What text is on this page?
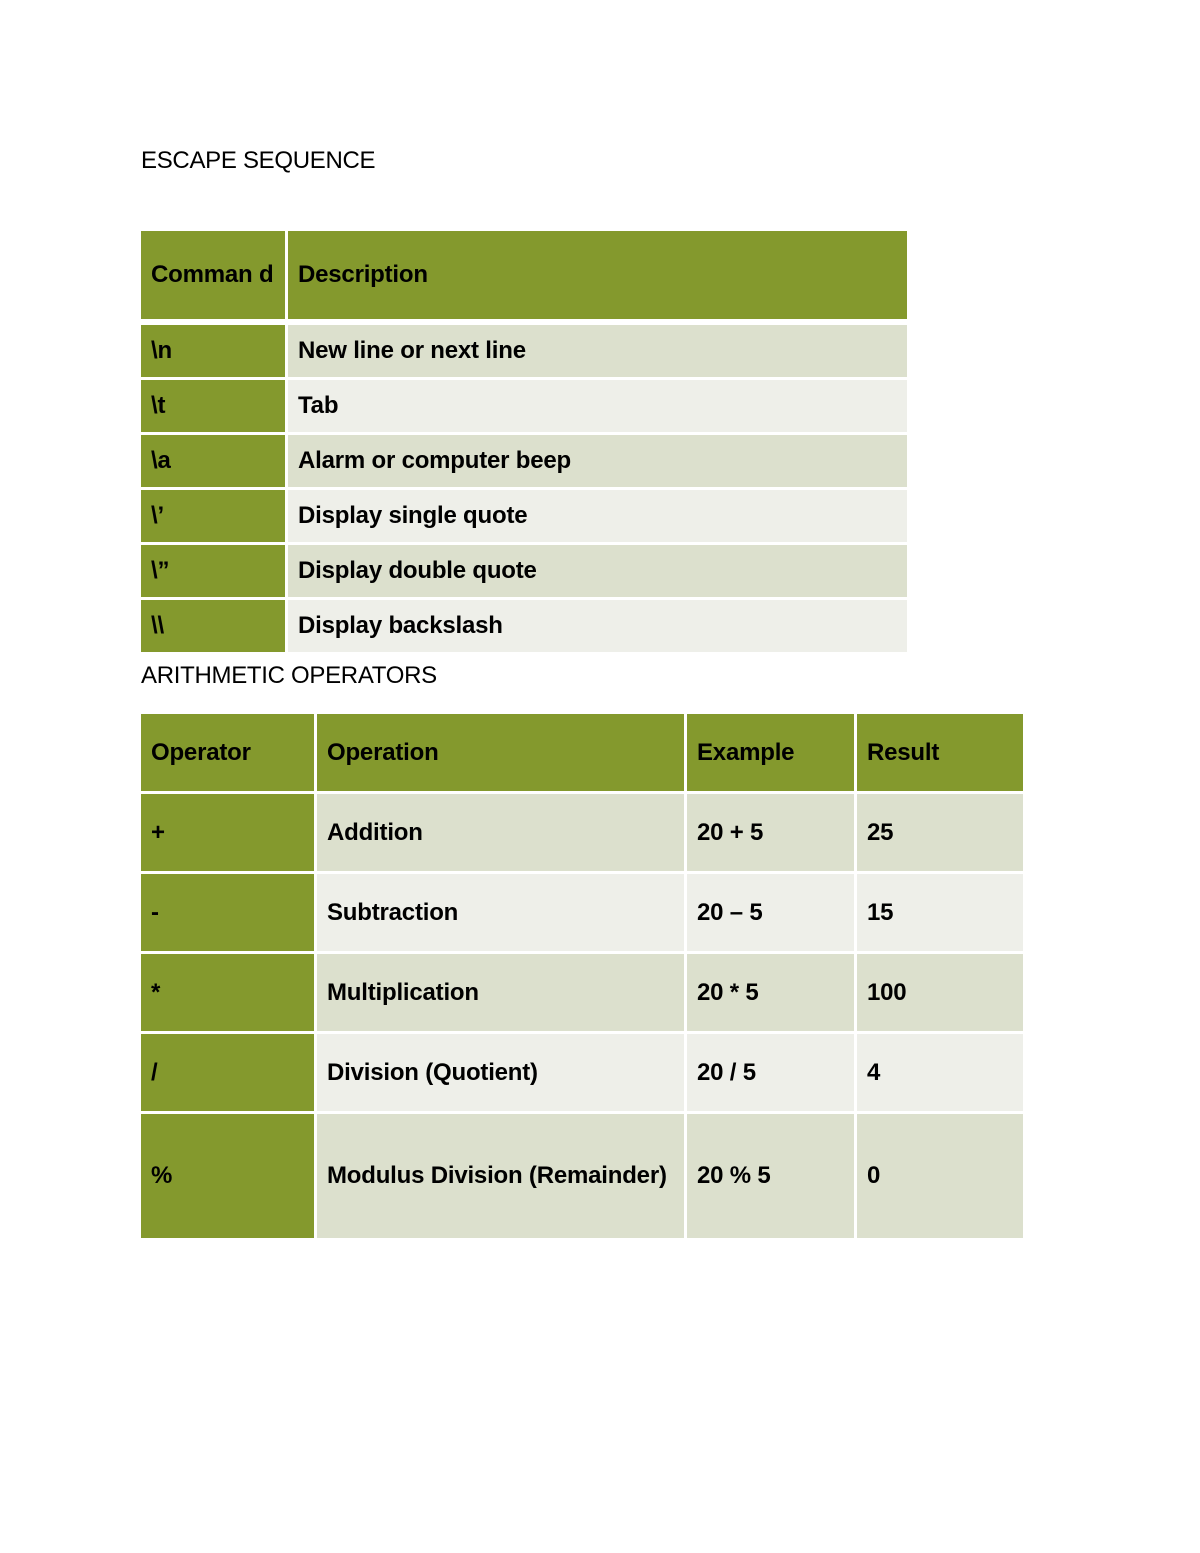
ESCAPE SEQUENCE
Comman d	Description

\n	New line or next line
\t	Tab
\a	Alarm or computer beep
\’	Display single quote
\”	Display double quote
\\	Display backslash
ARITHMETIC OPERATORS
Operator	Operation	Example	Result
+	Addition	20 + 5	25
-	Subtraction	20 – 5	15
*	Multiplication	20 * 5	100
/	Division (Quotient)	20 / 5	4
%	Modulus Division (Remainder)	20 % 5	0
